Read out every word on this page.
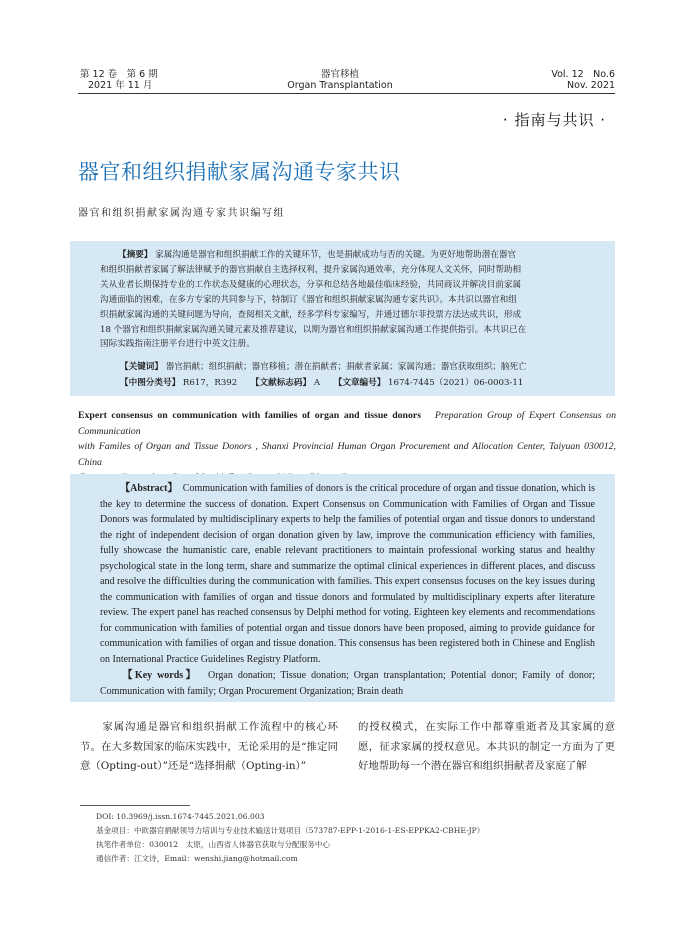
第 12 卷　第 6 期
2021 年 11 月
器官移植
Organ Transplantation
Vol. 12　No.6
Nov. 2021
· 指南与共识 ·
器官和组织捐献家属沟通专家共识
器官和组织捐献家属沟通专家共识编写组
【摘要】 家属沟通是器官和组织捐献工作的关键环节，也是捐献成功与否的关键。为更好地帮助潜在器官
和组织捐献者家属了解法律赋予的器官捐献自主选择权利，提升家属沟通效率，充分体现人文关怀，同时帮助相
关从业者长期保持专业的工作状态及健康的心理状态，分享和总结各地最佳临床经验，共同商议并解决目前家属
沟通面临的困难，在多方专家的共同参与下，特制订《器官和组织捐献家属沟通专家共识》。本共识以器官和组
织捐献家属沟通的关键问题为导向，查阅相关文献，经多学科专家编写，并通过德尔菲投票方法达成共识，形成
18 个器官和组织捐献家属沟通关键元素及推荐建议，以期为器官和组织捐献家属沟通工作提供指引。本共识已在
国际实践指南注册平台进行中英文注册。
【关键词】 器官捐献；组织捐献；器官移植；潜在捐献者；捐献者家属；家属沟通；器官获取组织；脑死亡
【中图分类号】 R617，R392 【文献标志码】 A 【文章编号】 1674-7445（2021）06-0003-11
Expert consensus on communication with families of organ and tissue donors Preparation Group of Expert Consensus on Communication
with Familes of Organ and Tissue Donors , Shanxi Provincial Human Organ Procurement and Allocation Center, Taiyuan 030012, China
【Abstract】 Communication with families of donors is the critical procedure of organ and tissue donation, which is the key to determine the success of donation. Expert Consensus on Communication with Families of Organ and Tissue Donors was formulated by multidisciplinary experts to help the families of potential organ and tissue donors to understand the right of independent decision of organ donation given by law, improve the communication efficiency with families, fully showcase the humanistic care, enable relevant practitioners to maintain professional working status and healthy psychological state in the long term, share and summarize the optimal clinical experiences in different places, and discuss and resolve the difficulties during the communication with families. This expert consensus focuses on the key issues during the communication with families of organ and tissue donors and formulated by multidisciplinary experts after literature review. The expert panel has reached consensus by Delphi method for voting. Eighteen key elements and recommendations for communication with families of potential organ and tissue donors have been proposed, aiming to provide guidance for communication with families of organ and tissue donation. This consensus has been registered both in Chinese and English on International Practice Guidelines Registry Platform.
【Key words】 Organ donation; Tissue donation; Organ transplantation; Potential donor; Family of donor; Communication with family; Organ Procurement Organization; Brain death
　　家属沟通是器官和组织捐献工作流程中的核心环节。在大多数国家的临床实践中，无论采用的是“推定同意（Opting-out）”还是“选择捐献（Opting-in）”
的授权模式，在实际工作中都尊重逝者及其家属的意愿，征求家属的授权意见。本共识的制定一方面为了更好地帮助每一个潜在器官和组织捐献者及家庭了解
DOI: 10.3969/j.issn.1674-7445.2021.06.003
基金项目：中欧器官捐献领导力培训与专业技术输送计划项目（573787-EPP-1-2016-1-ES-EPPKA2-CBHE-JP）
执笔作者单位：030012　太原，山西省人体器官获取与分配服务中心
通信作者：江文诗，Email：wenshi.jiang@hotmail.com
